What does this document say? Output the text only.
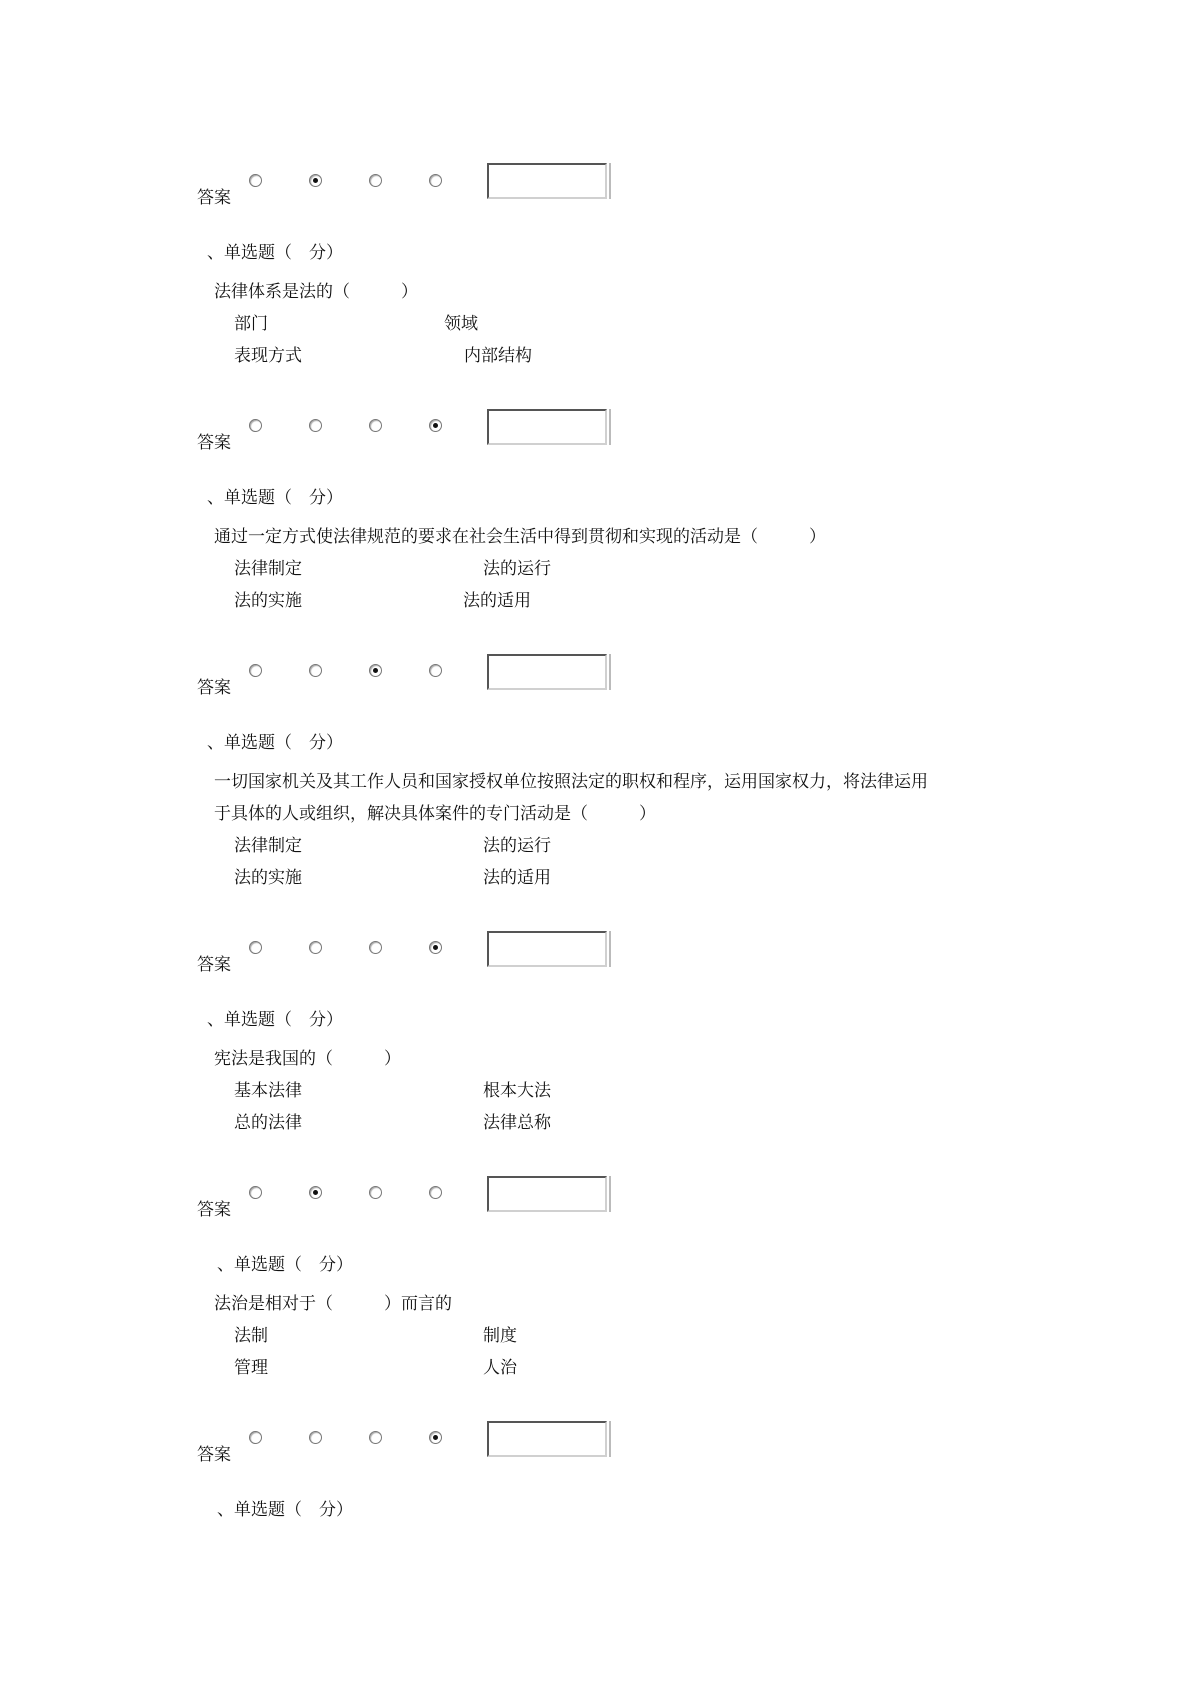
答案
、单选题（　分）
法律体系是法的（　　　）
部门	领域
表现方式	内部结构
答案
、单选题（　分）
通过一定方式使法律规范的要求在社会生活中得到贯彻和实现的活动是（　　　）
法律制定	法的运行
法的实施	法的适用
答案
、单选题（　分）
一切国家机关及其工作人员和国家授权单位按照法定的职权和程序，运用国家权力，将法律运用
于具体的人或组织，解决具体案件的专门活动是（　　　）
法律制定	法的运行
法的实施	法的适用
答案
、单选题（　分）
宪法是我国的（　　　）
基本法律	根本大法
总的法律	法律总称
答案
、单选题（　分）
法治是相对于（　　　）而言的
法制	制度
管理	人治
答案
、单选题（　分）
